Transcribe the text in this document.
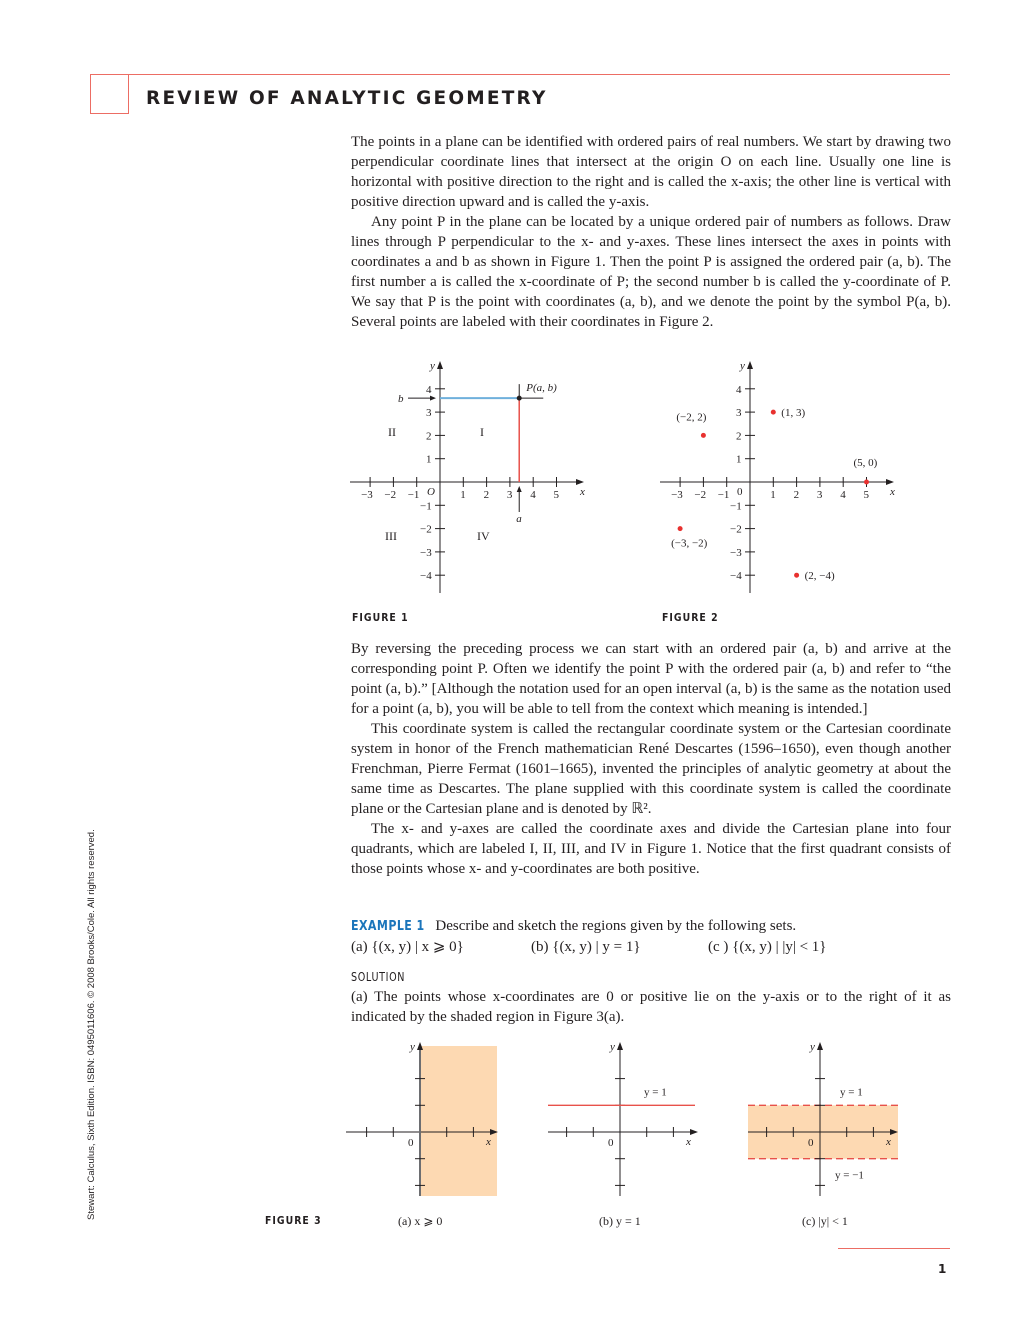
REVIEW OF ANALYTIC GEOMETRY

The points in a plane can be identified with ordered pairs of real numbers. We start by drawing two perpendicular coordinate lines that intersect at the origin O on each line. Usually one line is horizontal with positive direction to the right and is called the x-axis; the other line is vertical with positive direction upward and is called the y-axis.

Any point P in the plane can be located by a unique ordered pair of numbers as follows. Draw lines through P perpendicular to the x- and y-axes. These lines intersect the axes in points with coordinates a and b as shown in Figure 1. Then the point P is assigned the ordered pair (a, b). The first number a is called the x-coordinate of P; the second number b is called the y-coordinate of P. We say that P is the point with coordinates (a, b), and we denote the point by the symbol P(a, b). Several points are labeled with their coordinates in Figure 2.

x
y
−3 −2 −1	1 2 3 4 5
4
3
2
1
−1
−2
−3
−4
O
P(a, b)
b
a
I
II
III	IV
x
y
−3 −2 −1	1 2 3 4 5
4
3
2
1
−1
−2
−3
−4
0
(1, 3)
(−2, 2)
(5, 0)
(−3, −2)
(2, −4)
FIGURE 1	FIGURE 2

By reversing the preceding process we can start with an ordered pair (a, b) and arrive at the corresponding point P. Often we identify the point P with the ordered pair (a, b) and refer to “the point (a, b).” [Although the notation used for an open interval (a, b) is the same as the notation used for a point (a, b), you will be able to tell from the context which meaning is intended.]

This coordinate system is called the rectangular coordinate system or the Cartesian coordinate system in honor of the French mathematician René Descartes (1596–1650), even though another Frenchman, Pierre Fermat (1601–1665), invented the principles of analytic geometry at about the same time as Descartes. The plane supplied with this coordinate system is called the coordinate plane or the Cartesian plane and is denoted by ℝ².

The x- and y-axes are called the coordinate axes and divide the Cartesian plane into four quadrants, which are labeled I, II, III, and IV in Figure 1. Notice that the first quadrant consists of those points whose x- and y-coordinates are both positive.

EXAMPLE 1 Describe and sketch the regions given by the following sets.
(a) {(x, y) | x ⩾ 0}	(b) {(x, y) | y = 1}	(c ) {(x, y) | |y| < 1}
SOLUTION

(a) The points whose x-coordinates are 0 or positive lie on the y-axis or to the right of it as indicated by the shaded region in Figure 3(a).

x
y
0	x
y
0
y = 1
x
y
0
y = 1
y = −1
FIGURE 3	(a) x ⩾ 0	(b) y = 1	(c) |y| < 1
Stewart: Calculus, Sixth Edition. ISBN: 0495011606. © 2008 Brooks/Cole. All rights reserved.
1
